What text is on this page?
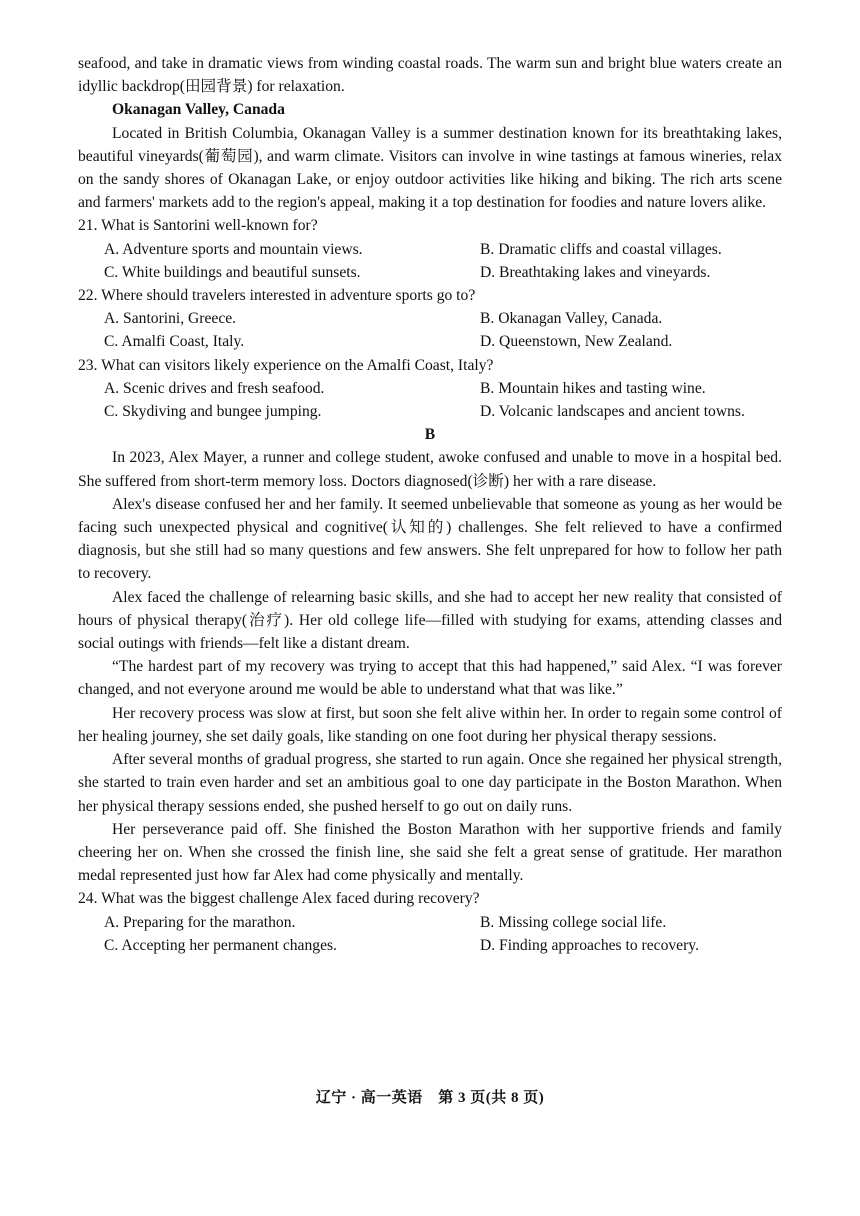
seafood, and take in dramatic views from winding coastal roads. The warm sun and bright blue waters create an idyllic backdrop(田园背景) for relaxation.

Okanagan Valley, Canada

Located in British Columbia, Okanagan Valley is a summer destination known for its breathtaking lakes, beautiful vineyards(葡萄园), and warm climate. Visitors can involve in wine tastings at famous wineries, relax on the sandy shores of Okanagan Lake, or enjoy outdoor activities like hiking and biking. The rich arts scene and farmers' markets add to the region's appeal, making it a top destination for foodies and nature lovers alike.

21. What is Santorini well-known for?

A. Adventure sports and mountain views.	B. Dramatic cliffs and coastal villages.
C. White buildings and beautiful sunsets.	D. Breathtaking lakes and vineyards.

22. Where should travelers interested in adventure sports go to?

A. Santorini, Greece.	B. Okanagan Valley, Canada.
C. Amalfi Coast, Italy.	D. Queenstown, New Zealand.

23. What can visitors likely experience on the Amalfi Coast, Italy?

A. Scenic drives and fresh seafood.	B. Mountain hikes and tasting wine.
C. Skydiving and bungee jumping.	D. Volcanic landscapes and ancient towns.

B

In 2023, Alex Mayer, a runner and college student, awoke confused and unable to move in a hospital bed. She suffered from short-term memory loss. Doctors diagnosed(诊断) her with a rare disease.

Alex's disease confused her and her family. It seemed unbelievable that someone as young as her would be facing such unexpected physical and cognitive(认知的) challenges. She felt relieved to have a confirmed diagnosis, but she still had so many questions and few answers. She felt unprepared for how to follow her path to recovery.

Alex faced the challenge of relearning basic skills, and she had to accept her new reality that consisted of hours of physical therapy(治疗). Her old college life—filled with studying for exams, attending classes and social outings with friends—felt like a distant dream.

“The hardest part of my recovery was trying to accept that this had happened,” said Alex. “I was forever changed, and not everyone around me would be able to understand what that was like.”

Her recovery process was slow at first, but soon she felt alive within her. In order to regain some control of her healing journey, she set daily goals, like standing on one foot during her physical therapy sessions.

After several months of gradual progress, she started to run again. Once she regained her physical strength, she started to train even harder and set an ambitious goal to one day participate in the Boston Marathon. When her physical therapy sessions ended, she pushed herself to go out on daily runs.

Her perseverance paid off. She finished the Boston Marathon with her supportive friends and family cheering her on. When she crossed the finish line, she said she felt a great sense of gratitude. Her marathon medal represented just how far Alex had come physically and mentally.

24. What was the biggest challenge Alex faced during recovery?

A. Preparing for the marathon.	B. Missing college social life.
C. Accepting her permanent changes.	D. Finding approaches to recovery.
辽宁 · 高一英语　第 3 页(共 8 页)
